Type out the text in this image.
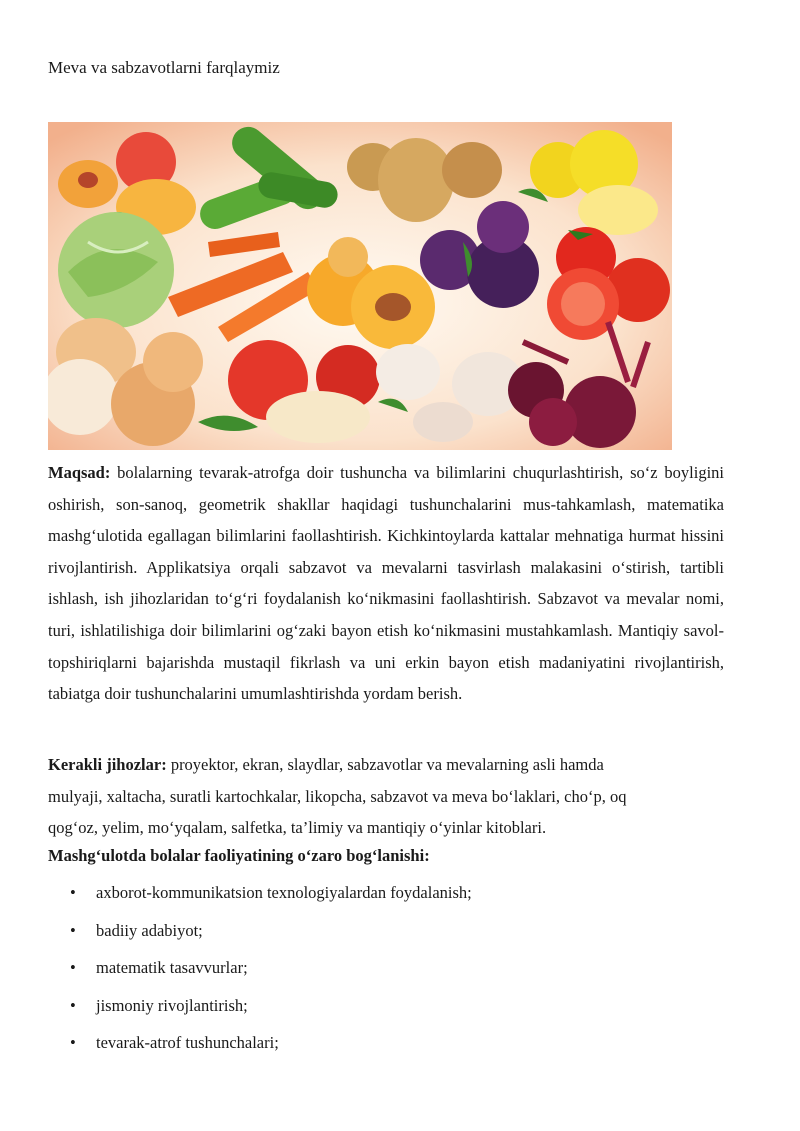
Meva va sabzavotlarni farqlaymiz

Maqsad: bolalarning tevarak-atrofga doir tushuncha va bilimlarini chuqurlashtirish, so‘z boyligini oshirish, son-sanoq, geometrik shakllar haqidagi tushunchalarini mus-tahkamlash, matematika mashg‘ulotida egallagan bilimlarini faollashtirish. Kichkintoylarda kattalar mehnatiga hurmat hissini rivojlantirish. Applikatsiya orqali sabzavot va mevalarni tasvirlash malakasini o‘stirish, tartibli ishlash, ish jihozlaridan to‘g‘ri foydalanish ko‘nikmasini faollashtirish. Sabzavot va mevalar nomi, turi, ishlatilishiga doir bilimlarini og‘zaki bayon etish ko‘nikmasini mustahkamlash. Mantiqiy savol-topshiriqlarni bajarishda mustaqil fikrlash va uni erkin bayon etish madaniyatini rivojlantirish, tabiatga doir tushunchalarini umumlashtirishda yordam berish.

Kerakli jihozlar: proyektor, ekran, slaydlar, sabzavotlar va mevalarning asli hamda
mulyaji, xaltacha, suratli kartochkalar, likopcha, sabzavot va meva bo‘laklari, cho‘p, oq
qog‘oz, yelim, mo‘yqalam, salfetka, ta’limiy va mantiqiy o‘yinlar kitoblari.

Mashg‘ulotda bolalar faoliyatining o‘zaro bog‘lanishi:

• axborot-kommunikatsion texnologiyalardan foydalanish;
• badiiy adabiyot;
• matematik tasavvurlar;
• jismoniy rivojlantirish;
• tevarak-atrof tushunchalari;
